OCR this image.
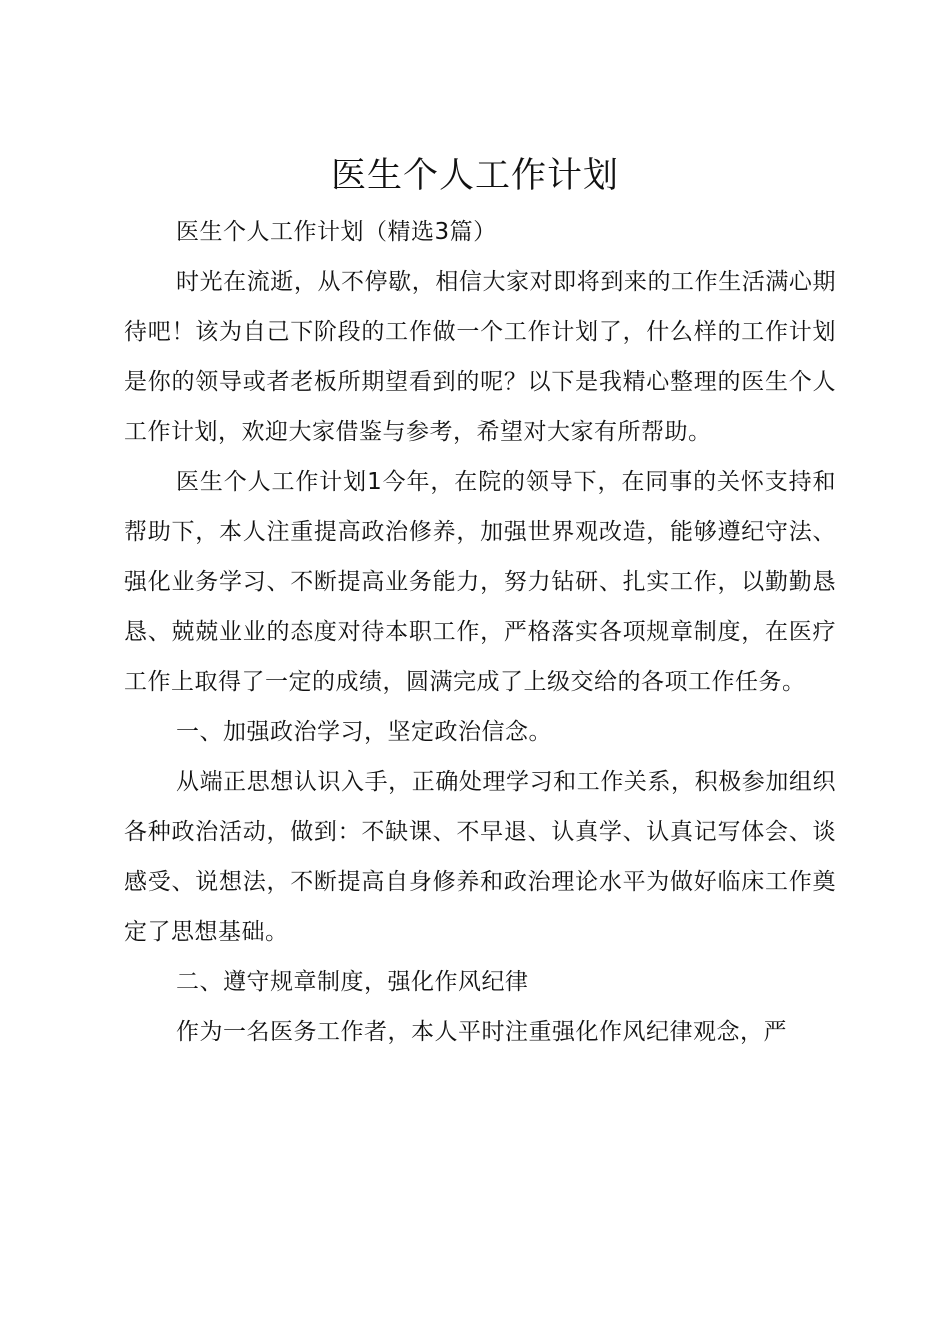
医生个人工作计划

医生个人工作计划（精选3篇）

时光在流逝，从不停歇，相信大家对即将到来的工作生活满心期待吧！该为自己下阶段的工作做一个工作计划了，什么样的工作计划是你的领导或者老板所期望看到的呢？以下是我精心整理的医生个人工作计划，欢迎大家借鉴与参考，希望对大家有所帮助。

医生个人工作计划1今年，在院的领导下，在同事的关怀支持和帮助下，本人注重提高政治修养，加强世界观改造，能够遵纪守法、强化业务学习、不断提高业务能力，努力钻研、扎实工作，以勤勤恳恳、兢兢业业的态度对待本职工作，严格落实各项规章制度，在医疗工作上取得了一定的成绩，圆满完成了上级交给的各项工作任务。

一、加强政治学习，坚定政治信念。

从端正思想认识入手，正确处理学习和工作关系，积极参加组织各种政治活动，做到：不缺课、不早退、认真学、认真记写体会、谈感受、说想法，不断提高自身修养和政治理论水平为做好临床工作奠定了思想基础。

二、遵守规章制度，强化作风纪律

作为一名医务工作者，本人平时注重强化作风纪律观念，严
